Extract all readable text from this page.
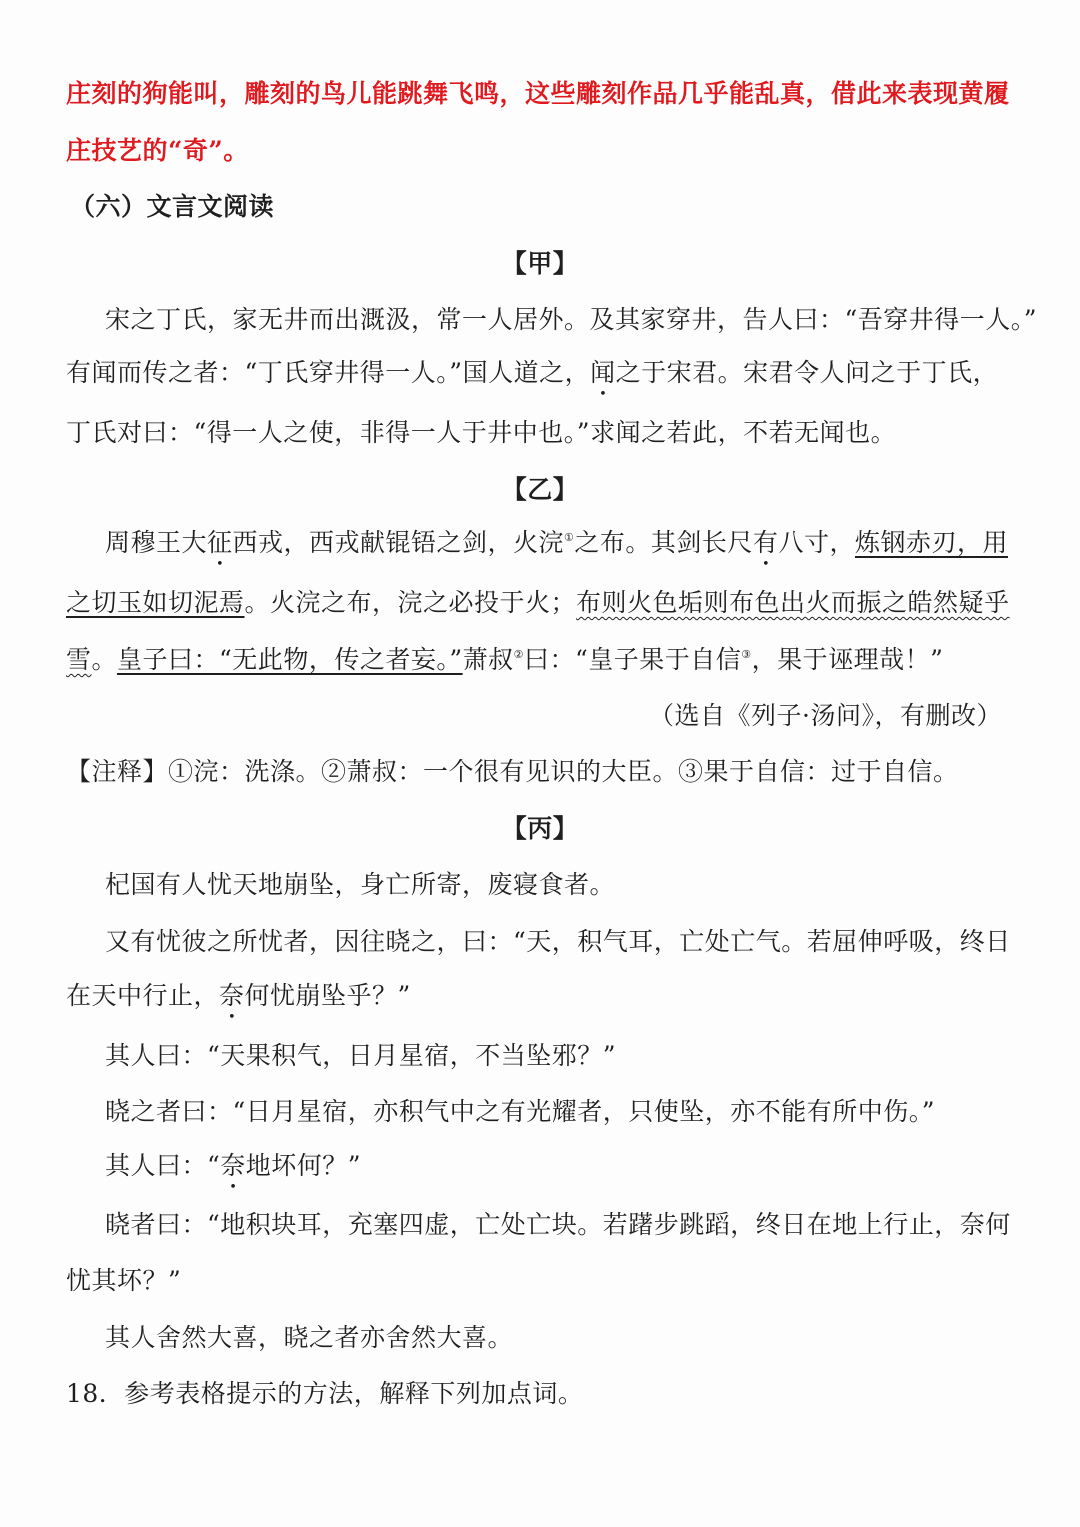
庄刻的狗能叫，雕刻的鸟儿能跳舞飞鸣，这些雕刻作品几乎能乱真，借此来表现黄履
庄技艺的“奇”。
（六）文言文阅读
【甲】
宋之丁氏，家无井而出溉汲，常一人居外。及其家穿井，告人曰：“吾穿井得一人。”
有闻而传之者：“丁氏穿井得一人。”国人道之，闻之于宋君。宋君令人问之于丁氏，
丁氏对曰：“得一人之使，非得一人于井中也。”求闻之若此，不若无闻也。
【乙】
周穆王大征西戎，西戎献锟铻之剑，火浣①之布。其剑长尺有八寸，炼钢赤刃，用
之切玉如切泥焉。火浣之布，浣之必投于火；布则火色垢则布色出火而振之皓然疑乎
雪。皇子曰：“无此物，传之者妄。”萧叔②曰：“皇子果于自信③，果于诬理哉！”
（选自《列子·汤问》，有删改）
【注释】①浣：洗涤。②萧叔：一个很有见识的大臣。③果于自信：过于自信。
【丙】
杞国有人忧天地崩坠，身亡所寄，废寝食者。
又有忧彼之所忧者，因往晓之，曰：“天，积气耳，亡处亡气。若屈伸呼吸，终日
在天中行止，奈何忧崩坠乎？”
其人曰：“天果积气，日月星宿，不当坠邪？”
晓之者曰：“日月星宿，亦积气中之有光耀者，只使坠，亦不能有所中伤。”
其人曰：“奈地坏何？”
晓者曰：“地积块耳，充塞四虚，亡处亡块。若躇步跳蹈，终日在地上行止，奈何
忧其坏？”
其人舍然大喜，晓之者亦舍然大喜。
18．参考表格提示的方法，解释下列加点词。
